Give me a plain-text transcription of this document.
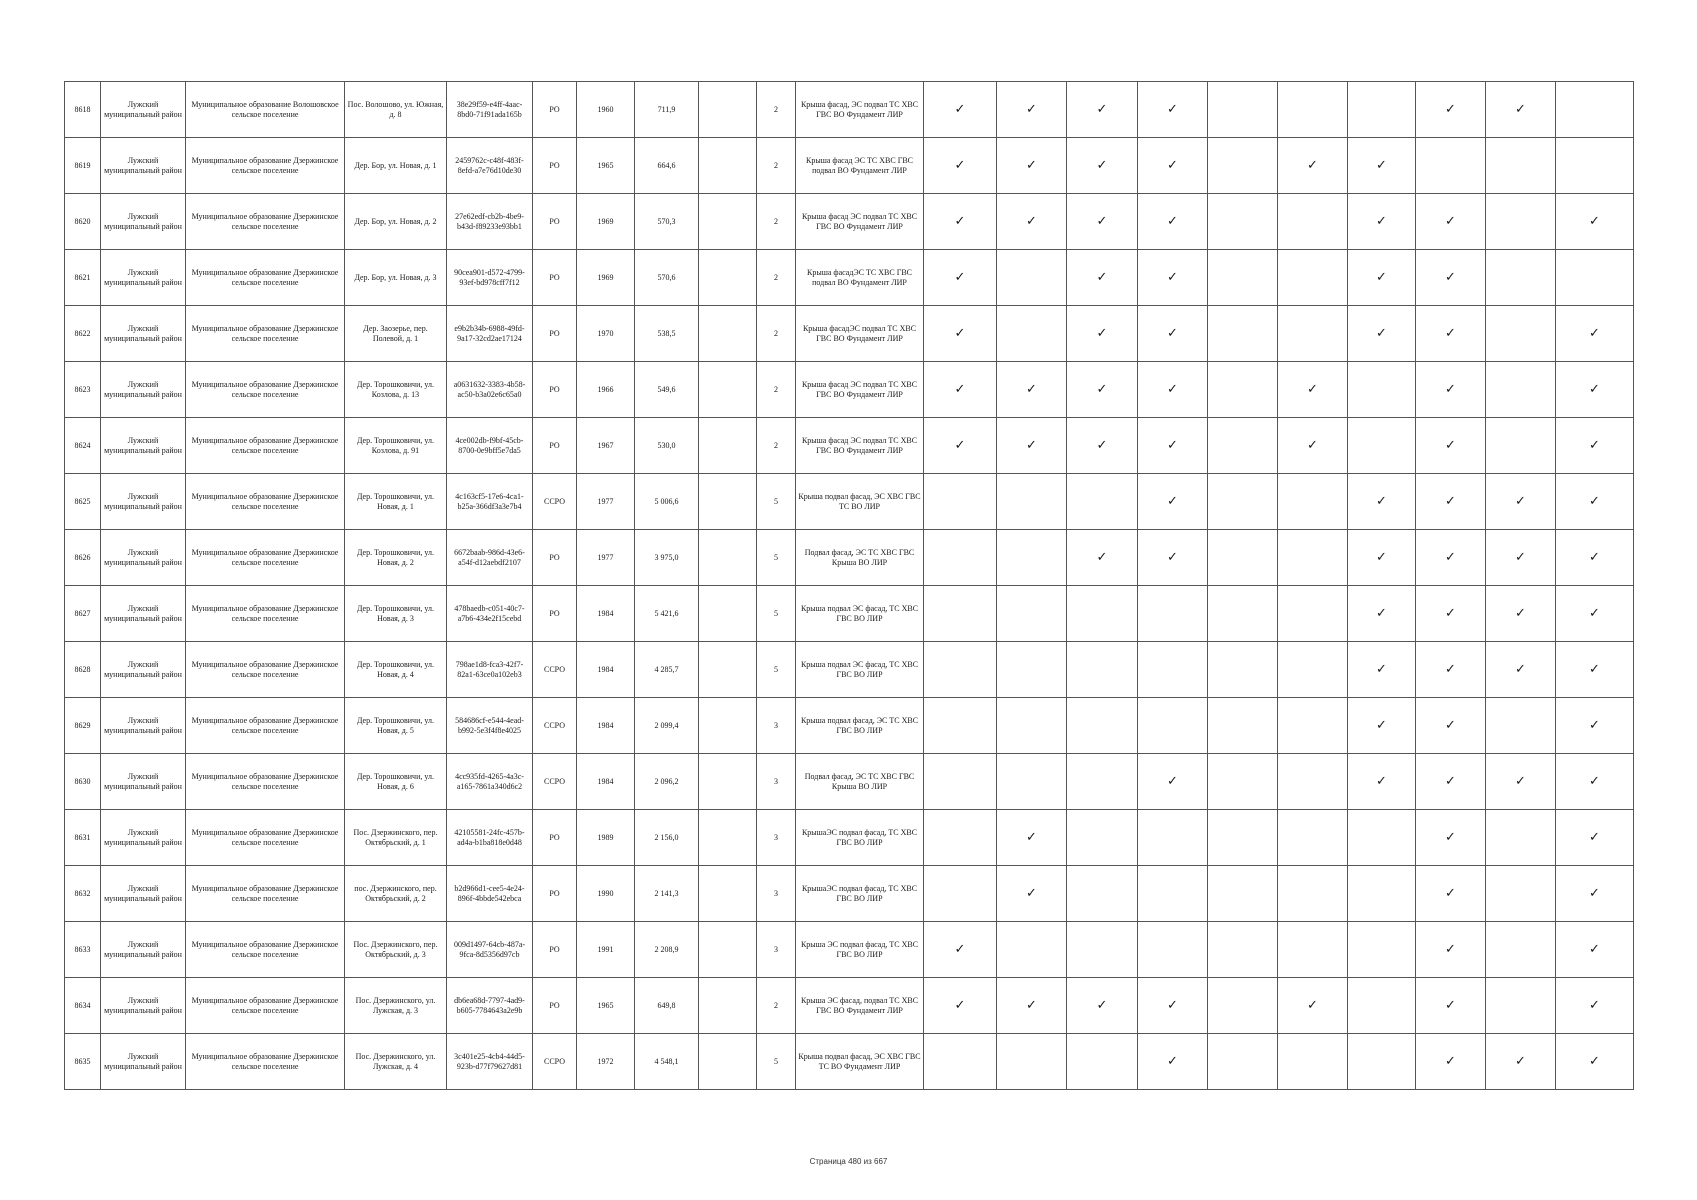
8618	Лужский муниципальный район	Муниципальное образование Волошовское сельское поселение	Пос. Волошово, ул. Южная, д. 8	38e29f59-e4ff-4aac-8bd0-71f91ada165b	РО	1960	711,9		2	Крыша фасад, ЭС подвал ТС ХВС ГВС ВО Фундамент ЛИР	✓	✓	✓	✓				✓	✓	
8619	Лужский муниципальный район	Муниципальное образование Дзержинское сельское поселение	Дер. Бор, ул. Новая, д. 1	2459762c-c48f-483f-8efd-a7e76d10de30	РО	1965	664,6		2	Крыша фасад ЭС ТС ХВС ГВС подвал ВО Фундамент ЛИР	✓	✓	✓	✓		✓	✓			
8620	Лужский муниципальный район	Муниципальное образование Дзержинское сельское поселение	Дер. Бор, ул. Новая, д. 2	27e62edf-cb2b-4be9-b43d-f89233e93bb1	РО	1969	570,3		2	Крыша фасад ЭС подвал ТС ХВС ГВС ВО Фундамент ЛИР	✓	✓	✓	✓			✓	✓		✓
8621	Лужский муниципальный район	Муниципальное образование Дзержинское сельское поселение	Дер. Бор, ул. Новая, д. 3	90cea901-d572-4799-93ef-bd978cff7f12	РО	1969	570,6		2	Крыша фасадЭС ТС ХВС ГВС подвал ВО Фундамент ЛИР	✓		✓	✓			✓	✓		
8622	Лужский муниципальный район	Муниципальное образование Дзержинское сельское поселение	Дер. Заозерье, пер. Полевой, д. 1	e9b2b34b-6988-49fd-9a17-32cd2ae17124	РО	1970	538,5		2	Крыша фасадЭС подвал ТС ХВС ГВС ВО Фундамент ЛИР	✓		✓	✓			✓	✓		✓
8623	Лужский муниципальный район	Муниципальное образование Дзержинское сельское поселение	Дер. Торошковичи, ул. Козлова, д. 13	a0631632-3383-4b58-ac50-b3a02e6c65a0	РО	1966	549,6		2	Крыша фасад ЭС подвал ТС ХВС ГВС ВО Фундамент ЛИР	✓	✓	✓	✓		✓		✓		✓
8624	Лужский муниципальный район	Муниципальное образование Дзержинское сельское поселение	Дер. Торошковичи, ул. Козлова, д. 91	4ce002db-f9bf-45cb-8700-0e9bff5e7da5	РО	1967	530,0		2	Крыша фасад ЭС подвал ТС ХВС ГВС ВО Фундамент ЛИР	✓	✓	✓	✓		✓		✓		✓
8625	Лужский муниципальный район	Муниципальное образование Дзержинское сельское поселение	Дер. Торошковичи, ул. Новая, д. 1	4c163cf5-17e6-4ca1-b25a-366df3a3e7b4	ССРО	1977	5 006,6		5	Крыша подвал фасад, ЭС ХВС ГВС ТС ВО ЛИР				✓			✓	✓	✓	✓
8626	Лужский муниципальный район	Муниципальное образование Дзержинское сельское поселение	Дер. Торошковичи, ул. Новая, д. 2	6672baab-986d-43e6-a54f-d12aebdf2107	РО	1977	3 975,0		5	Подвал фасад, ЭС ТС ХВС ГВС Крыша ВО ЛИР			✓	✓			✓	✓	✓	✓
8627	Лужский муниципальный район	Муниципальное образование Дзержинское сельское поселение	Дер. Торошковичи, ул. Новая, д. 3	478baedb-c051-40c7-a7b6-434e2f15cebd	РО	1984	5 421,6		5	Крыша подвал ЭС фасад, ТС ХВС ГВС ВО ЛИР							✓	✓	✓	✓
8628	Лужский муниципальный район	Муниципальное образование Дзержинское сельское поселение	Дер. Торошковичи, ул. Новая, д. 4	798ae1d8-fca3-42f7-82a1-63ce0a102eb3	ССРО	1984	4 285,7		5	Крыша подвал ЭС фасад, ТС ХВС ГВС ВО ЛИР							✓	✓	✓	✓
8629	Лужский муниципальный район	Муниципальное образование Дзержинское сельское поселение	Дер. Торошковичи, ул. Новая, д. 5	584686cf-e544-4ead-b992-5e3f4f8e4025	ССРО	1984	2 099,4		3	Крыша подвал фасад, ЭС ТС ХВС ГВС ВО ЛИР							✓	✓		✓
8630	Лужский муниципальный район	Муниципальное образование Дзержинское сельское поселение	Дер. Торошковичи, ул. Новая, д. 6	4cc935fd-4265-4a3c-a165-7861a340d6c2	ССРО	1984	2 096,2		3	Подвал фасад, ЭС ТС ХВС ГВС Крыша ВО ЛИР				✓			✓	✓	✓	✓
8631	Лужский муниципальный район	Муниципальное образование Дзержинское сельское поселение	Пос. Дзержинского, пер. Октябрьский, д. 1	42105581-24fc-457b-ad4a-b1ba818e0d48	РО	1989	2 156,0		3	КрышаЭС подвал фасад, ТС ХВС ГВС ВО ЛИР		✓						✓		✓
8632	Лужский муниципальный район	Муниципальное образование Дзержинское сельское поселение	пос. Дзержинского, пер. Октябрьский, д. 2	b2d966d1-cee5-4e24-896f-4bbde542ebca	РО	1990	2 141,3		3	КрышаЭС подвал фасад, ТС ХВС ГВС ВО ЛИР		✓						✓		✓
8633	Лужский муниципальный район	Муниципальное образование Дзержинское сельское поселение	Пос. Дзержинского, пер. Октябрьский, д. 3	009d1497-64cb-487a-9fca-8d5356d97cb	РО	1991	2 208,9		3	Крыша ЭС подвал фасад, ТС ХВС ГВС ВО ЛИР	✓							✓		✓
8634	Лужский муниципальный район	Муниципальное образование Дзержинское сельское поселение	Пос. Дзержинского, ул. Лужская, д. 3	db6ea68d-7797-4ad9-b605-7784643a2e9b	РО	1965	649,8		2	Крыша ЭС фасад, подвал ТС ХВС ГВС ВО Фундамент ЛИР	✓	✓	✓	✓		✓		✓		✓
8635	Лужский муниципальный район	Муниципальное образование Дзержинское сельское поселение	Пос. Дзержинского, ул. Лужская, д. 4	3c401e25-4cb4-44d5-923b-d77f79627d81	ССРО	1972	4 548,1		5	Крыша подвал фасад, ЭС ХВС ГВС ТС ВО Фундамент ЛИР				✓				✓	✓	✓
Страница 480 из 667
